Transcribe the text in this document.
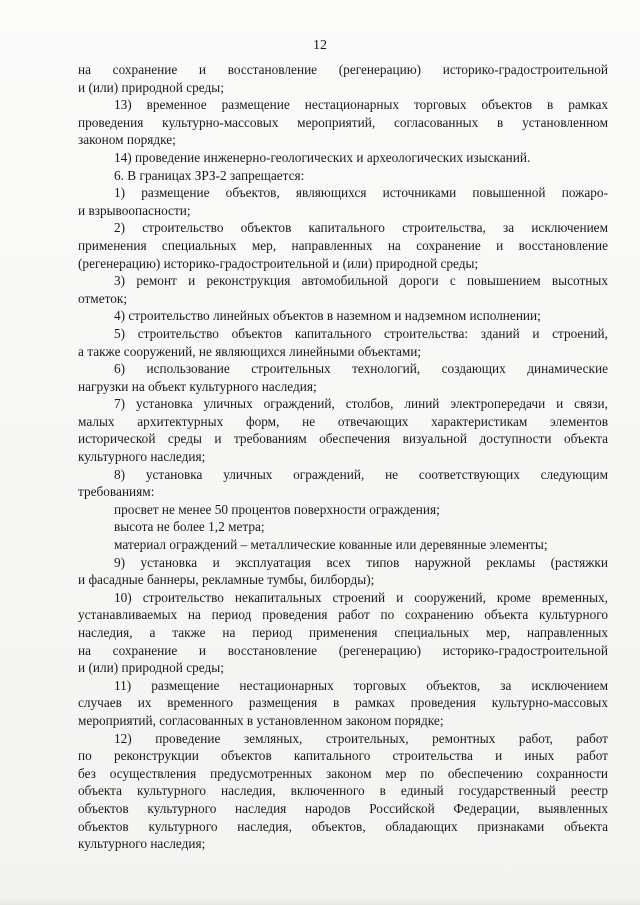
12

на сохранение и восстановление (регенерацию) историко-градостроительной

и (или) природной среды;

13) временное размещение нестационарных торговых объектов в рамках

проведения культурно-массовых мероприятий, согласованных в установленном

законом порядке;

14) проведение инженерно-геологических и археологических изысканий.

6. В границах ЗРЗ-2 запрещается:

1) размещение объектов, являющихся источниками повышенной пожаро-

и взрывоопасности;

2) строительство объектов капитального строительства, за исключением

применения специальных мер, направленных на сохранение и восстановление

(регенерацию) историко-градостроительной и (или) природной среды;

3) ремонт и реконструкция автомобильной дороги с повышением высотных

отметок;

4) строительство линейных объектов в наземном и надземном исполнении;

5) строительство объектов капитального строительства: зданий и строений,

а также сооружений, не являющихся линейными объектами;

6) использование строительных технологий, создающих динамические

нагрузки на объект культурного наследия;

7) установка уличных ограждений, столбов, линий электропередачи и связи,

малых архитектурных форм, не отвечающих характеристикам элементов

исторической среды и требованиям обеспечения визуальной доступности объекта

культурного наследия;

8) установка уличных ограждений, не соответствующих следующим

требованиям:

просвет не менее 50 процентов поверхности ограждения;

высота не более 1,2 метра;

материал ограждений – металлические кованные или деревянные элементы;

9) установка и эксплуатация всех типов наружной рекламы (растяжки

и фасадные баннеры, рекламные тумбы, билборды);

10) строительство некапитальных строений и сооружений, кроме временных,

устанавливаемых на период проведения работ по сохранению объекта культурного

наследия, а также на период применения специальных мер, направленных

на сохранение и восстановление (регенерацию) историко-градостроительной

и (или) природной среды;

11) размещение нестационарных торговых объектов, за исключением

случаев их временного размещения в рамках проведения культурно-массовых

мероприятий, согласованных в установленном законом порядке;

12) проведение земляных, строительных, ремонтных работ, работ

по реконструкции объектов капитального строительства и иных работ

без осуществления предусмотренных законом мер по обеспечению сохранности

объекта культурного наследия, включенного в единый государственный реестр

объектов культурного наследия народов Российской Федерации, выявленных

объектов культурного наследия, объектов, обладающих признаками объекта

культурного наследия;
